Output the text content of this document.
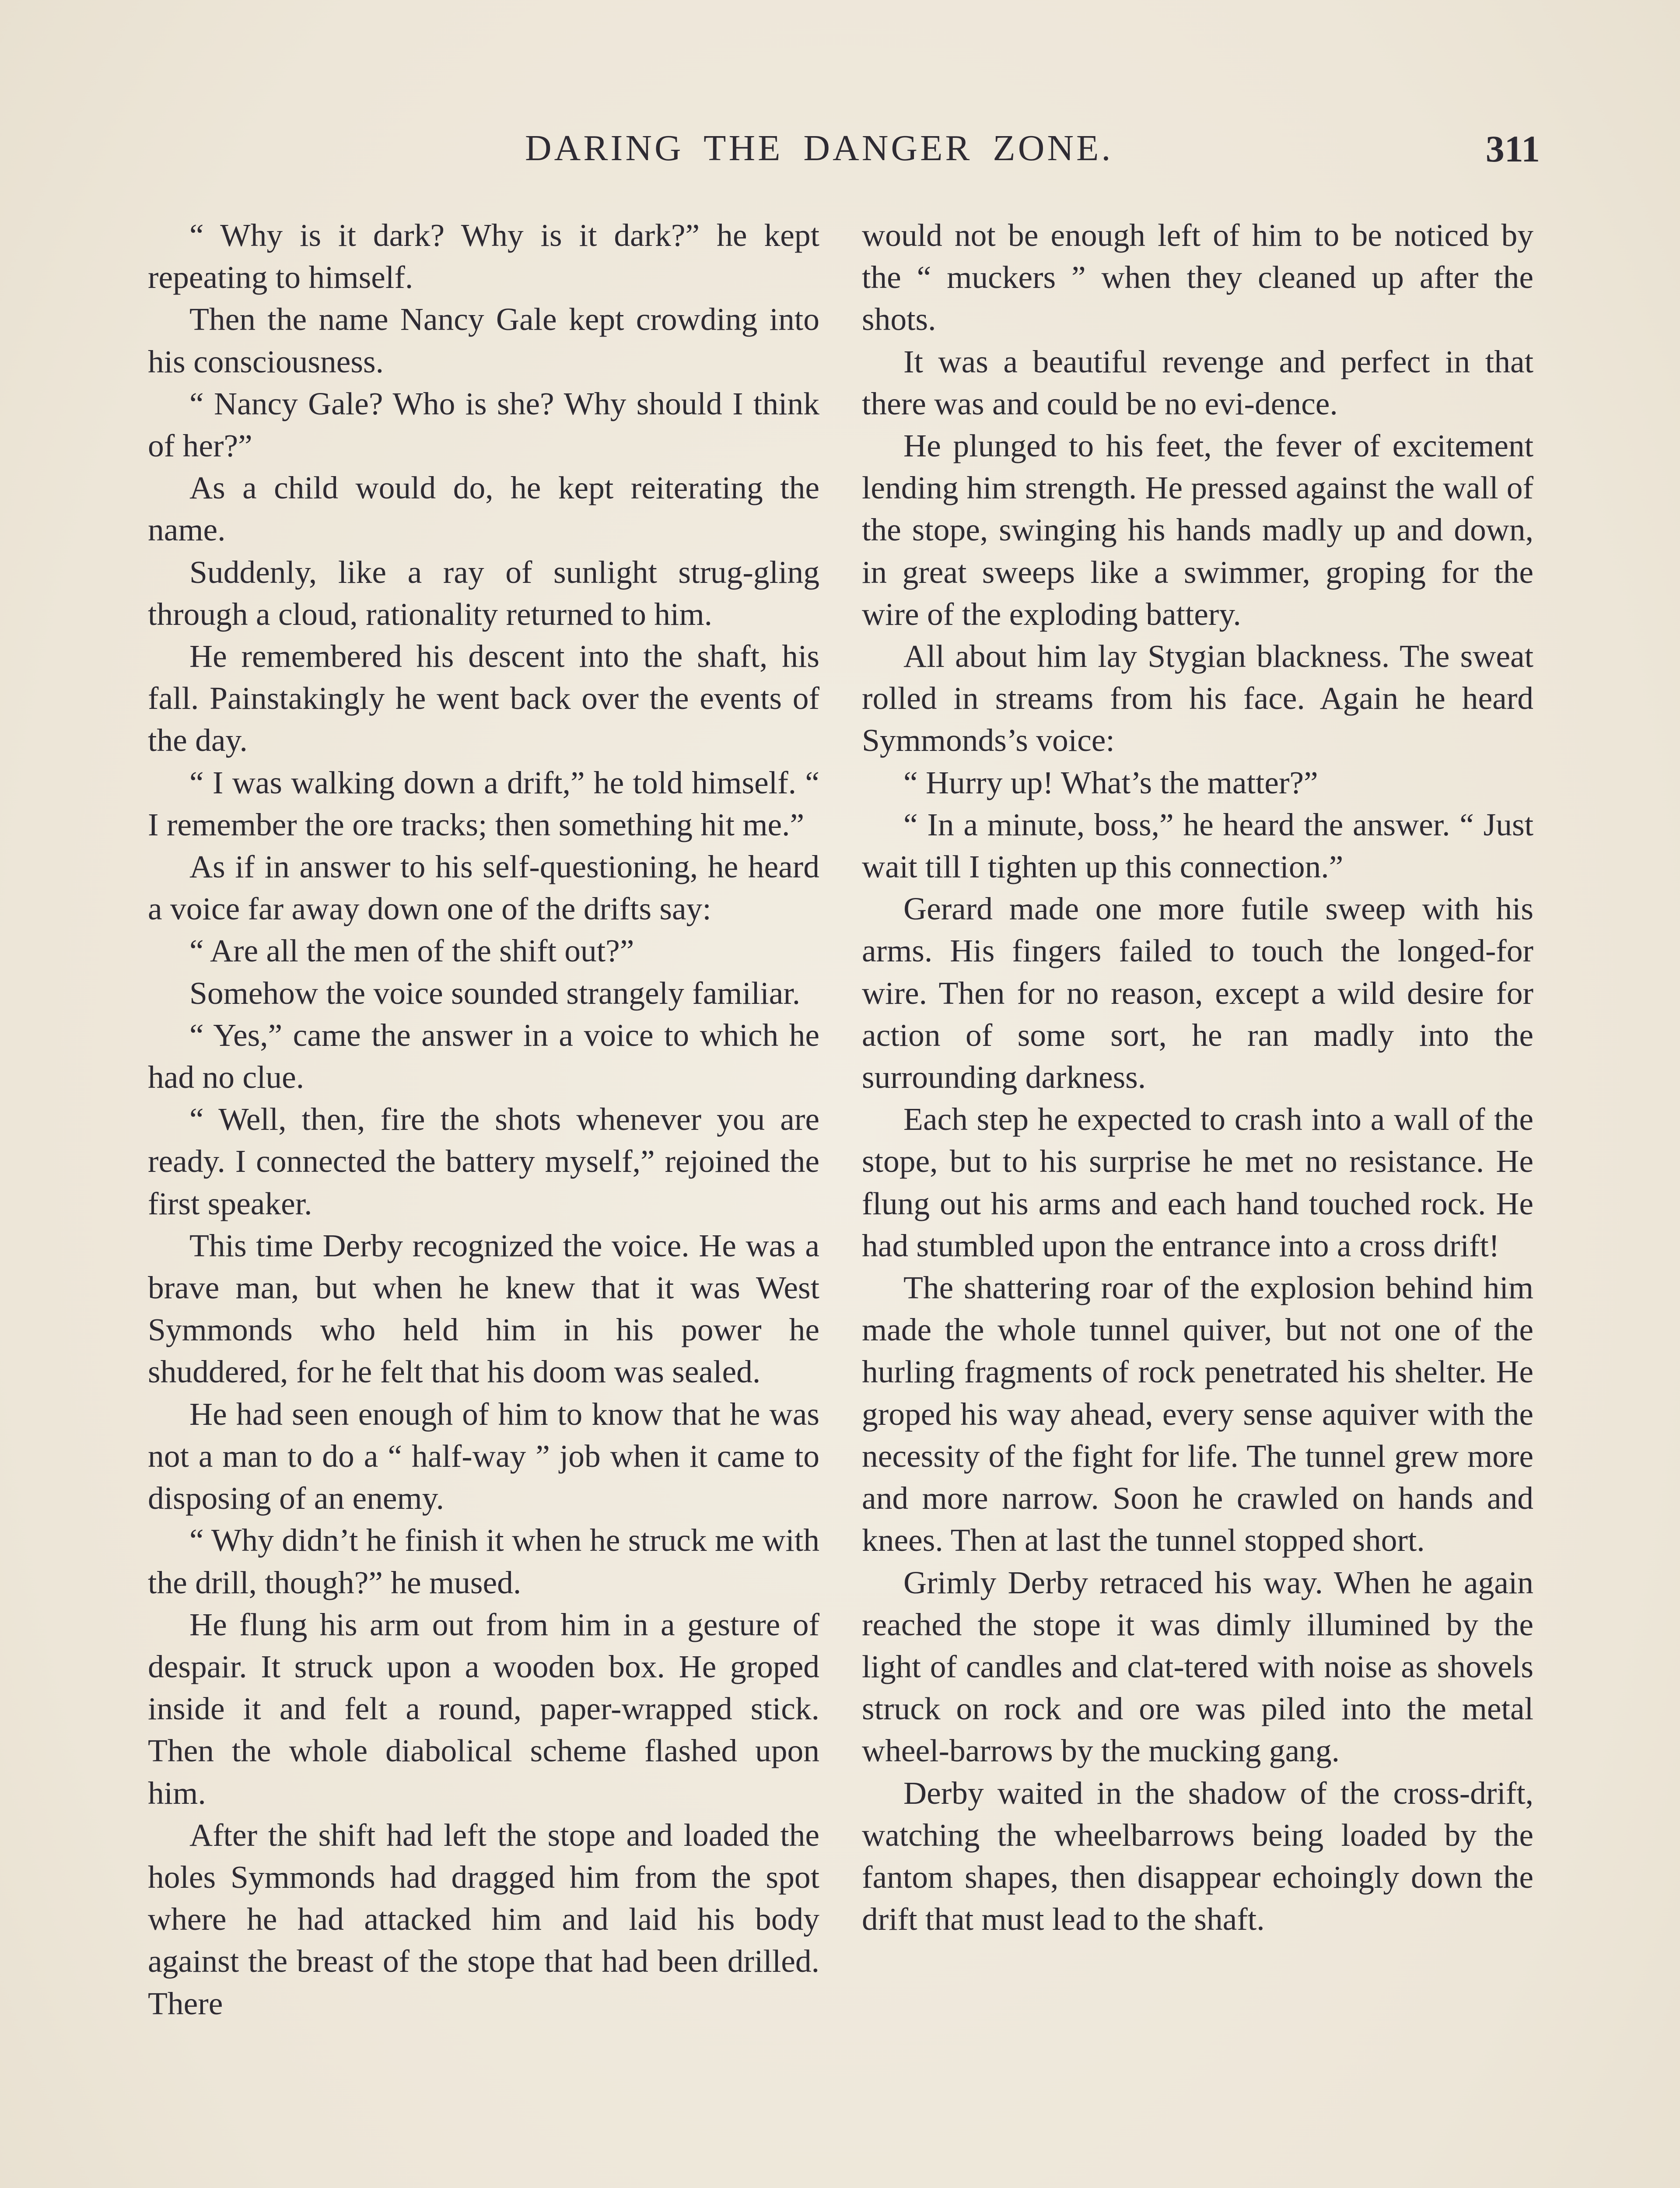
DARING THE DANGER ZONE.	311

“ Why is it dark? Why is it dark?” he kept repeating to himself.

Then the name Nancy Gale kept crowding into his consciousness.

“ Nancy Gale? Who is she? Why should I think of her?”

As a child would do, he kept reiterating the name.

Suddenly, like a ray of sunlight strug-gling through a cloud, rationality returned to him.

He remembered his descent into the shaft, his fall. Painstakingly he went back over the events of the day.

“ I was walking down a drift,” he told himself. “ I remember the ore tracks; then something hit me.”

As if in answer to his self-questioning, he heard a voice far away down one of the drifts say:

“ Are all the men of the shift out?”

Somehow the voice sounded strangely familiar.

“ Yes,” came the answer in a voice to which he had no clue.

“ Well, then, fire the shots whenever you are ready. I connected the battery myself,” rejoined the first speaker.

This time Derby recognized the voice. He was a brave man, but when he knew that it was West Symmonds who held him in his power he shuddered, for he felt that his doom was sealed.

He had seen enough of him to know that he was not a man to do a “ half-way ” job when it came to disposing of an enemy.

“ Why didn’t he finish it when he struck me with the drill, though?” he mused.

He flung his arm out from him in a gesture of despair. It struck upon a wooden box. He groped inside it and felt a round, paper-wrapped stick. Then the whole diabolical scheme flashed upon him.

After the shift had left the stope and loaded the holes Symmonds had dragged him from the spot where he had attacked him and laid his body against the breast of the stope that had been drilled. There

would not be enough left of him to be noticed by the “ muckers ” when they cleaned up after the shots.

It was a beautiful revenge and perfect in that there was and could be no evi-dence.

He plunged to his feet, the fever of excitement lending him strength. He pressed against the wall of the stope, swinging his hands madly up and down, in great sweeps like a swimmer, groping for the wire of the exploding battery.

All about him lay Stygian blackness. The sweat rolled in streams from his face. Again he heard Symmonds’s voice:

“ Hurry up! What’s the matter?”

“ In a minute, boss,” he heard the answer. “ Just wait till I tighten up this connection.”

Gerard made one more futile sweep with his arms. His fingers failed to touch the longed-for wire. Then for no reason, except a wild desire for action of some sort, he ran madly into the surrounding darkness.

Each step he expected to crash into a wall of the stope, but to his surprise he met no resistance. He flung out his arms and each hand touched rock. He had stumbled upon the entrance into a cross drift!

The shattering roar of the explosion behind him made the whole tunnel quiver, but not one of the hurling fragments of rock penetrated his shelter. He groped his way ahead, every sense aquiver with the necessity of the fight for life. The tunnel grew more and more narrow. Soon he crawled on hands and knees. Then at last the tunnel stopped short.

Grimly Derby retraced his way. When he again reached the stope it was dimly illumined by the light of candles and clat-tered with noise as shovels struck on rock and ore was piled into the metal wheel-barrows by the mucking gang.

Derby waited in the shadow of the cross-drift, watching the wheelbarrows being loaded by the fantom shapes, then disappear echoingly down the drift that must lead to the shaft.
